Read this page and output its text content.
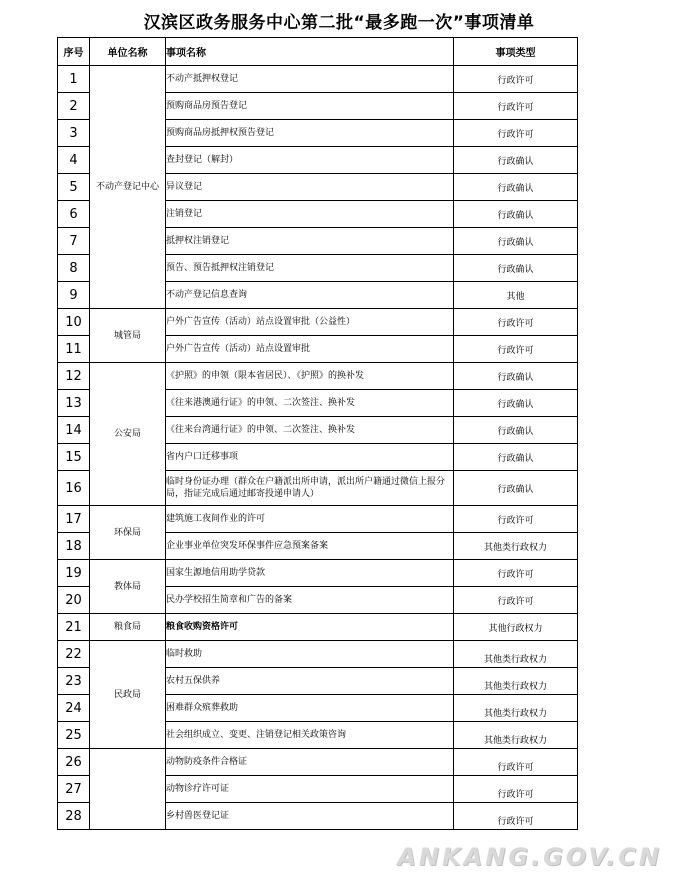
汉滨区政务服务中心第二批“最多跑一次”事项清单
序号	单位名称	事项名称	事项类型
1	不动产登记中心	不动产抵押权登记	行政许可
2		预购商品房预告登记	行政许可
3		预购商品房抵押权预告登记	行政许可
4		查封登记（解封）	行政确认
5		异议登记	行政确认
6		注销登记	行政确认
7		抵押权注销登记	行政确认
8		预告、预告抵押权注销登记	行政确认
9		不动产登记信息查询	其他
10	城管局	户外广告宣传（活动）站点设置审批（公益性）	行政许可
11		户外广告宣传（活动）站点设置审批	行政许可
12	公安局	《护照》的申领（限本省居民）、《护照》的换补发	行政确认
13		《往来港澳通行证》的申领、二次签注、换补发	行政确认
14		《往来台湾通行证》的申领、二次签注、换补发	行政确认
15		省内户口迁移事项	行政确认
16		临时身份证办理（群众在户籍派出所申请，派出所户籍通过微信上报分局，指证完成后通过邮寄投递申请人）	行政确认
17	环保局	建筑施工夜间作业的许可	行政许可
18		企业事业单位突发环保事件应急预案备案	其他类行政权力
19	教体局	国家生源地信用助学贷款	行政许可
20		民办学校招生简章和广告的备案	行政许可
21	粮食局	粮食收购资格许可	其他行政权力
22	民政局	临时救助	其他类行政权力
23		农村五保供养	其他类行政权力
24		困难群众殡葬救助	其他类行政权力
25		社会组织成立、变更、注销登记相关政策咨询	其他类行政权力
26		动物防疫条件合格证	行政许可
27		动物诊疗许可证	行政许可
28		乡村兽医登记证	行政许可
ANKANG.GOV.CN
